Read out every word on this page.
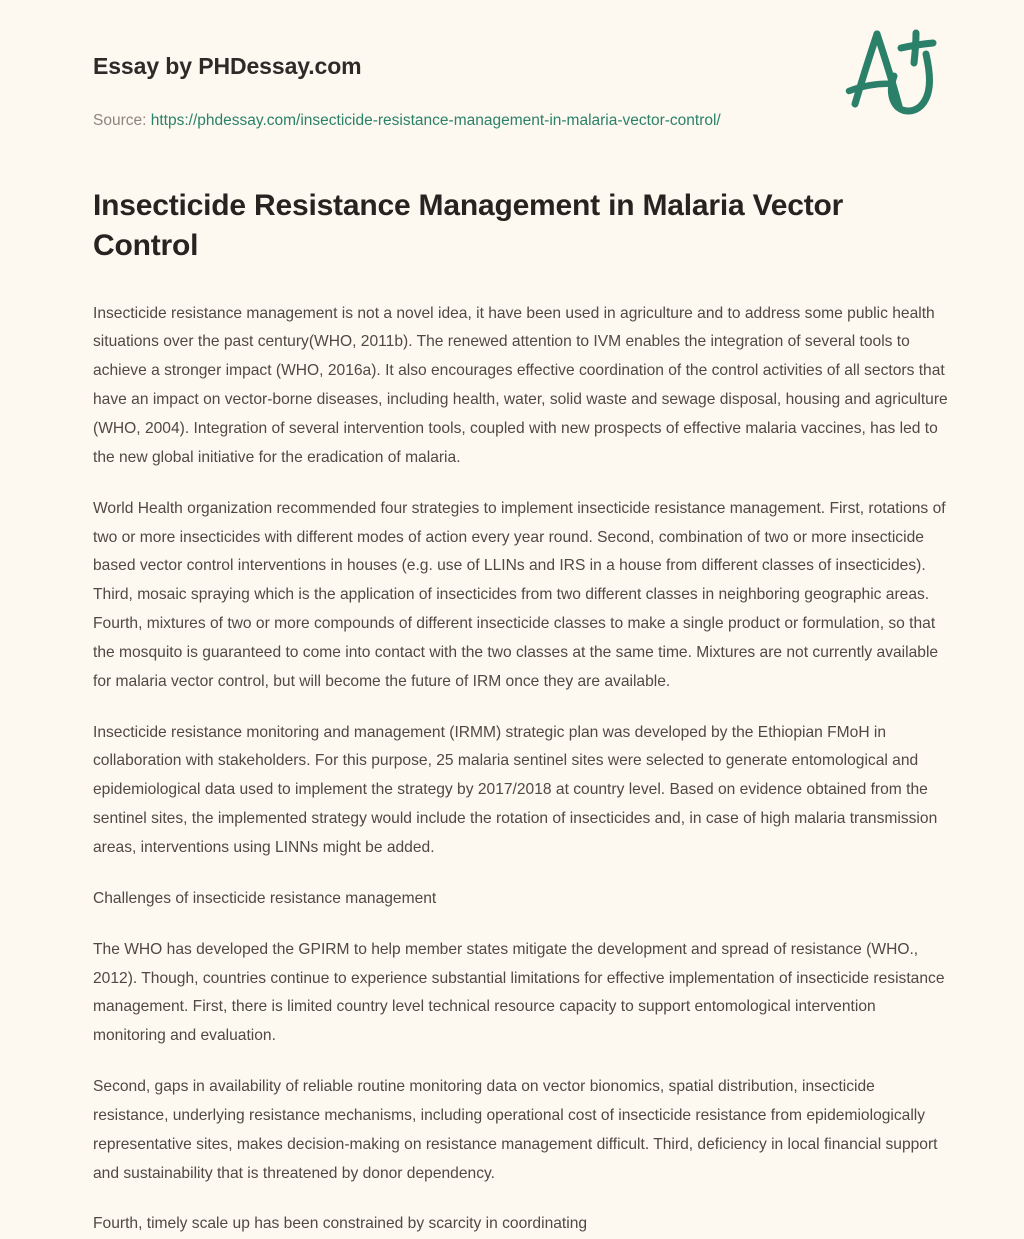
Essay by PHDessay.com

Source: https://phdessay.com/insecticide-resistance-management-in-malaria-vector-control/

Insecticide Resistance Management in Malaria Vector Control

Insecticide resistance management is not a novel idea, it have been used in agriculture and to address some public health situations over the past century(WHO, 2011b). The renewed attention to IVM enables the integration of several tools to achieve a stronger impact (WHO, 2016a). It also encourages effective coordination of the control activities of all sectors that have an impact on vector-borne diseases, including health, water, solid waste and sewage disposal, housing and agriculture (WHO, 2004). Integration of several intervention tools, coupled with new prospects of effective malaria vaccines, has led to the new global initiative for the eradication of malaria.

World Health organization recommended four strategies to implement insecticide resistance management. First, rotations of two or more insecticides with different modes of action every year round. Second, combination of two or more insecticide based vector control interventions in houses (e.g. use of LLINs and IRS in a house from different classes of insecticides). Third, mosaic spraying which is the application of insecticides from two different classes in neighboring geographic areas. Fourth, mixtures of two or more compounds of different insecticide classes to make a single product or formulation, so that the mosquito is guaranteed to come into contact with the two classes at the same time. Mixtures are not currently available for malaria vector control, but will become the future of IRM once they are available.

Insecticide resistance monitoring and management (IRMM) strategic plan was developed by the Ethiopian FMoH in collaboration with stakeholders. For this purpose, 25 malaria sentinel sites were selected to generate entomological and epidemiological data used to implement the strategy by 2017/2018 at country level. Based on evidence obtained from the sentinel sites, the implemented strategy would include the rotation of insecticides and, in case of high malaria transmission areas, interventions using LINNs might be added.

Challenges of insecticide resistance management

The WHO has developed the GPIRM to help member states mitigate the development and spread of resistance (WHO., 2012). Though, countries continue to experience substantial limitations for effective implementation of insecticide resistance management. First, there is limited country level technical resource capacity to support entomological intervention monitoring and evaluation.

Second, gaps in availability of reliable routine monitoring data on vector bionomics, spatial distribution, insecticide resistance, underlying resistance mechanisms, including operational cost of insecticide resistance from epidemiologically representative sites, makes decision-making on resistance management difficult. Third, deficiency in local financial support and sustainability that is threatened by donor dependency.

Fourth, timely scale up has been constrained by scarcity in coordinating
